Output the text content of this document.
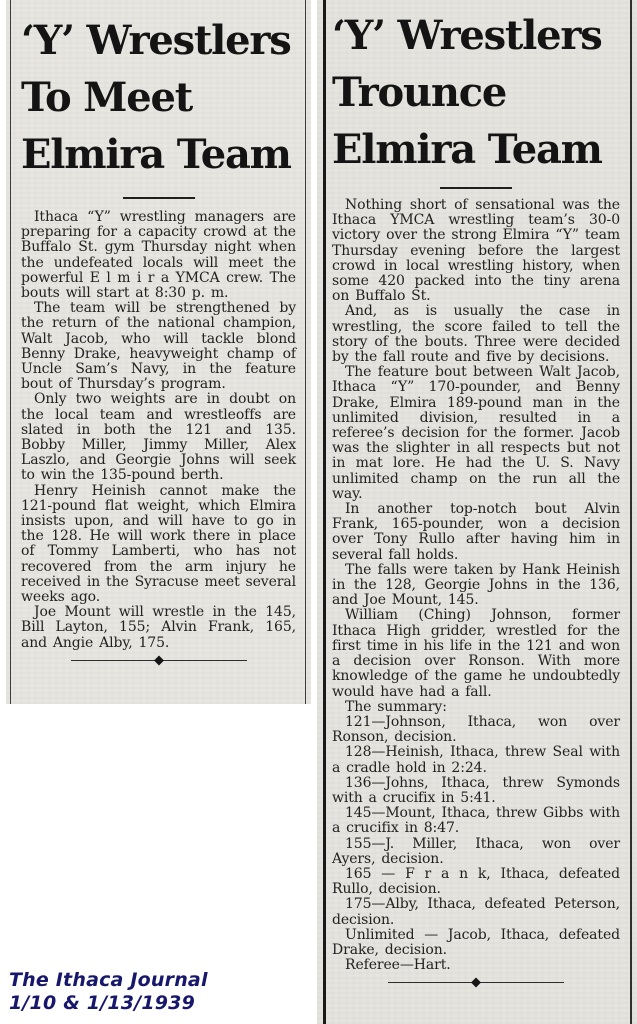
‘Y’ Wrestlers
To Meet
Elmira Team

Ithaca “Y” wrestling managers are preparing for a capacity crowd at the Buffalo St. gym Thursday night when the undefeated locals will meet the powerful E l m i r a YMCA crew. The bouts will start at 8:30 p. m.

The team will be strengthened by the return of the national champion, Walt Jacob, who will tackle blond Benny Drake, heavyweight champ of Uncle Sam’s Navy, in the feature bout of Thursday’s program.

Only two weights are in doubt on the local team and wrestleoffs are slated in both the 121 and 135. Bobby Miller, Jimmy Miller, Alex Laszlo, and Georgie Johns will seek to win the 135-pound berth.

Henry Heinish cannot make the 121-pound flat weight, which Elmira insists upon, and will have to go in the 128. He will work there in place of Tommy Lamberti, who has not recovered from the arm injury he received in the Syracuse meet several weeks ago.

Joe Mount will wrestle in the 145, Bill Layton, 155; Alvin Frank, 165, and Angie Alby, 175.

‘Y’ Wrestlers
Trounce
Elmira Team

Nothing short of sensational was the Ithaca YMCA wrestling team’s 30-0 victory over the strong Elmira “Y” team Thursday evening before the largest crowd in local wrestling history, when some 420 packed into the tiny arena on Buffalo St.

And, as is usually the case in wrestling, the score failed to tell the story of the bouts. Three were decided by the fall route and five by decisions.

The feature bout between Walt Jacob, Ithaca “Y” 170-pounder, and Benny Drake, Elmira 189-pound man in the unlimited division, resulted in a referee’s decision for the former. Jacob was the slighter in all respects but not in mat lore. He had the U. S. Navy unlimited champ on the run all the way.

In another top-notch bout Alvin Frank, 165-pounder, won a decision over Tony Rullo after having him in several fall holds.

The falls were taken by Hank Heinish in the 128, Georgie Johns in the 136, and Joe Mount, 145.

William (Ching) Johnson, former Ithaca High gridder, wrestled for the first time in his life in the 121 and won a decision over Ronson. With more knowledge of the game he undoubtedly would have had a fall.

The summary:

121—Johnson, Ithaca, won over Ronson, decision.

128—Heinish, Ithaca, threw Seal with a cradle hold in 2:24.

136—Johns, Ithaca, threw Symonds with a crucifix in 5:41.

145—Mount, Ithaca, threw Gibbs with a crucifix in 8:47.

155—J. Miller, Ithaca, won over Ayers, decision.

165 — F r a n k, Ithaca, defeated Rullo, decision.

175—Alby, Ithaca, defeated Peterson, decision.

Unlimited — Jacob, Ithaca, defeated Drake, decision.

Referee—Hart.

The Ithaca Journal
1/10 & 1/13/1939
